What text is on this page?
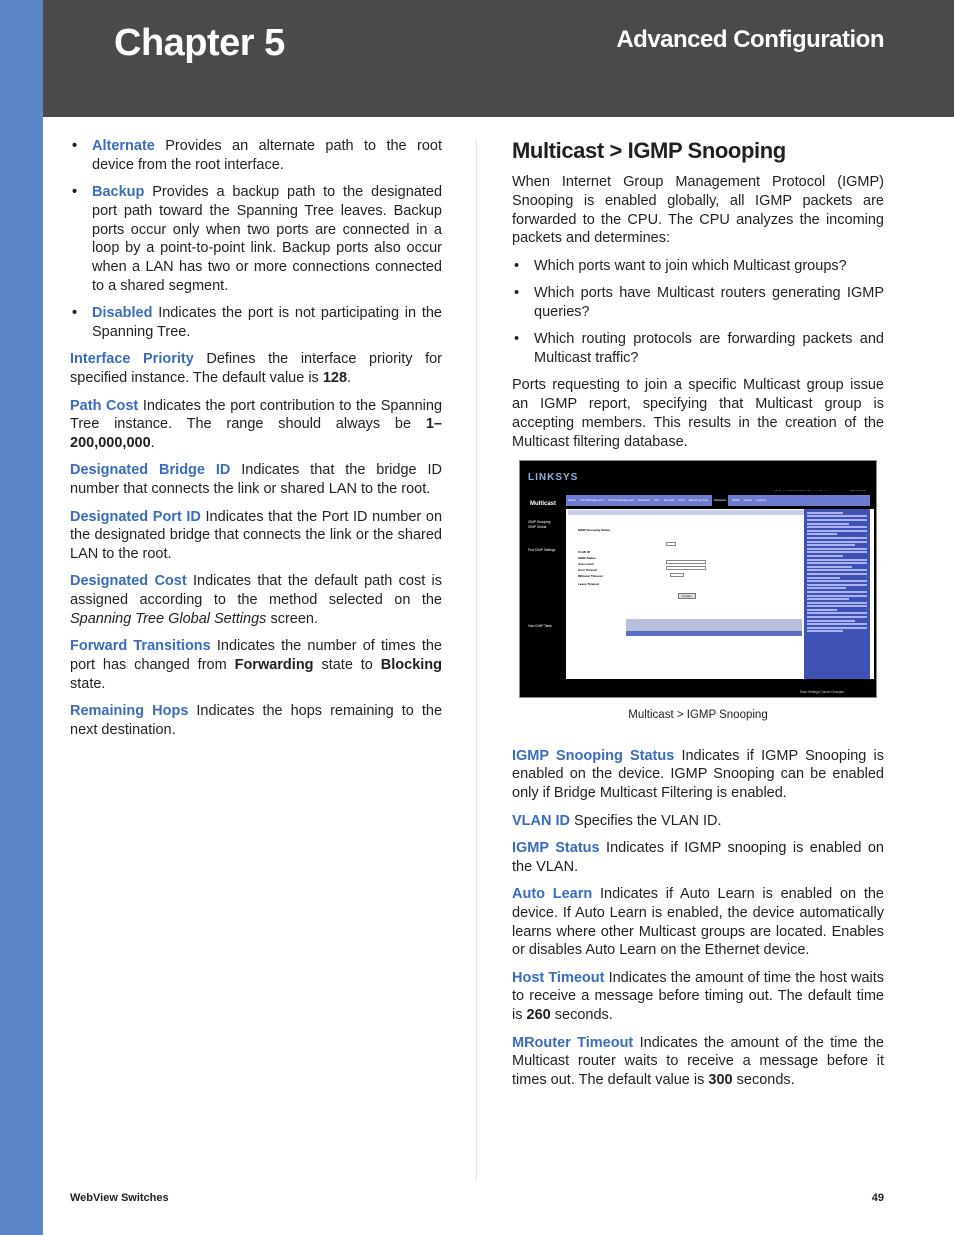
Chapter 5	Advanced Configuration
• Alternate Provides an alternate path to the root device from the root interface.
• Backup Provides a backup path to the designated port path toward the Spanning Tree leaves. Backup ports occur only when two ports are connected in a loop by a point-to-point link. Backup ports also occur when a LAN has two or more connections connected to a shared segment.
• Disabled Indicates the port is not participating in the Spanning Tree.

Interface Priority Defines the interface priority for specified instance. The default value is 128.

Path Cost Indicates the port contribution to the Spanning Tree instance. The range should always be 1–200,000,000.

Designated Bridge ID Indicates that the bridge ID number that connects the link or shared LAN to the root.

Designated Port ID Indicates that the Port ID number on the designated bridge that connects the link or the shared LAN to the root.

Designated Cost Indicates that the default path cost is assigned according to the method selected on the Spanning Tree Global Settings screen.

Forward Transitions Indicates the number of times the port has changed from Forwarding state to Blocking state.

Remaining Hops Indicates the hops remaining to the next destination.

Multicast > IGMP Snooping

When Internet Group Management Protocol (IGMP) Snooping is enabled globally, all IGMP packets are forwarded to the CPU. The CPU analyzes the incoming packets and determines:

• Which ports want to join which Multicast groups?
• Which ports have Multicast routers generating IGMP queries?
• Which routing protocols are forwarding packets and Multicast traffic?

Ports requesting to join a specific Multicast group issue an IGMP report, specifying that Multicast group is accepting members. This results in the creation of the Multicast filtering database.

LINKSYS
Multicast
Setup Port Management VLAN Management Statistics ACL Security QoS Spanning Tree	Multicast	IGMP Admin LogOut
IGMP Snooping
IGMP Global
Port IGMP Settings
Vlan IGMP Table
IGMP Snooping Status
VLAN ID
IGMP Status
Auto Learn
Host Timeout
MRouter Timeout
Leave Timeout
Update
Save Settings Cancel Changes
Multicast > IGMP Snooping

IGMP Snooping Status Indicates if IGMP Snooping is enabled on the device. IGMP Snooping can be enabled only if Bridge Multicast Filtering is enabled.

VLAN ID Specifies the VLAN ID.

IGMP Status Indicates if IGMP snooping is enabled on the VLAN.

Auto Learn Indicates if Auto Learn is enabled on the device. If Auto Learn is enabled, the device automatically learns where other Multicast groups are located. Enables or disables Auto Learn on the Ethernet device.

Host Timeout Indicates the amount of time the host waits to receive a message before timing out. The default time is 260 seconds.

MRouter Timeout Indicates the amount of the time the Multicast router waits to receive a message before it times out. The default value is 300 seconds.

WebView Switches	49
